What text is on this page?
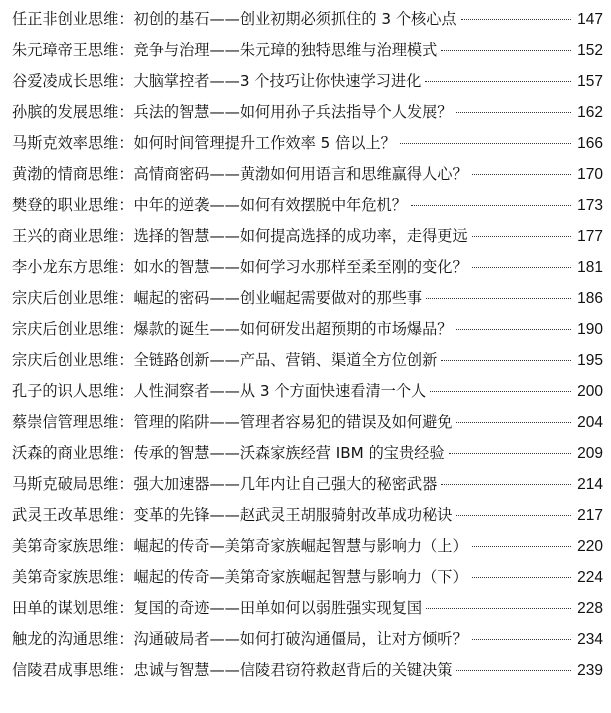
任正非创业思维：初创的基石——创业初期必须抓住的 3 个核心点	147
朱元璋帝王思维：竞争与治理——朱元璋的独特思维与治理模式	152
谷爱凌成长思维：大脑掌控者——3 个技巧让你快速学习进化	157
孙膑的发展思维：兵法的智慧——如何用孙子兵法指导个人发展？	162
马斯克效率思维：如何时间管理提升工作效率 5 倍以上？	166
黄渤的情商思维：高情商密码——黄渤如何用语言和思维赢得人心？	170
樊登的职业思维：中年的逆袭——如何有效摆脱中年危机？	173
王兴的商业思维：选择的智慧——如何提高选择的成功率，走得更远	177
李小龙东方思维：如水的智慧——如何学习水那样至柔至刚的变化？	181
宗庆后创业思维：崛起的密码——创业崛起需要做对的那些事	186
宗庆后创业思维：爆款的诞生——如何研发出超预期的市场爆品？	190
宗庆后创业思维：全链路创新——产品、营销、渠道全方位创新	195
孔子的识人思维：人性洞察者——从 3 个方面快速看清一个人	200
蔡崇信管理思维：管理的陷阱——管理者容易犯的错误及如何避免	204
沃森的商业思维：传承的智慧——沃森家族经营 IBM 的宝贵经验	209
马斯克破局思维：强大加速器——几年内让自己强大的秘密武器	214
武灵王改革思维：变革的先锋——赵武灵王胡服骑射改革成功秘诀	217
美第奇家族思维：崛起的传奇—美第奇家族崛起智慧与影响力（上）	220
美第奇家族思维：崛起的传奇—美第奇家族崛起智慧与影响力（下）	224
田单的谋划思维：复国的奇迹——田单如何以弱胜强实现复国	228
触龙的沟通思维：沟通破局者——如何打破沟通僵局，让对方倾听？	234
信陵君成事思维：忠诚与智慧——信陵君窃符救赵背后的关键决策	239
